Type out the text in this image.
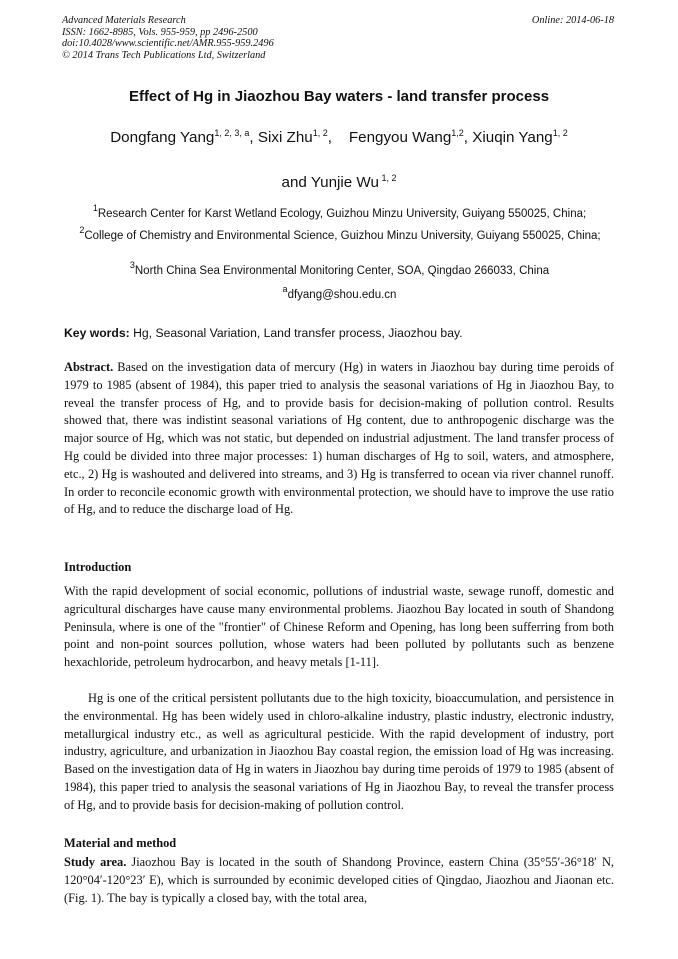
Advanced Materials Research
ISSN: 1662-8985, Vols. 955-959, pp 2496-2500
doi:10.4028/www.scientific.net/AMR.955-959.2496
© 2014 Trans Tech Publications Ltd, Switzerland
Online: 2014-06-18
Effect of Hg in Jiaozhou Bay waters - land transfer process
Dongfang Yang$^{1, 2, 3, a}$, Sixi Zhu$^{1, 2}$,    Fengyou Wang$^{1,2}$, Xiuqin Yang$^{1, 2}$
and Yunjie Wu $^{1, 2}$
$^1$Research Center for Karst Wetland Ecology, Guizhou Minzu University, Guiyang 550025, China;
$^2$College of Chemistry and Environmental Science, Guizhou Minzu University, Guiyang 550025, China;
$^3$North China Sea Environmental Monitoring Center, SOA, Qingdao 266033, China
$^a$dfyang@shou.edu.cn
Key words: Hg, Seasonal Variation, Land transfer process, Jiaozhou bay.
Abstract. Based on the investigation data of mercury (Hg) in waters in Jiaozhou bay during time peroids of 1979 to 1985 (absent of 1984), this paper tried to analysis the seasonal variations of Hg in Jiaozhou Bay, to reveal the transfer process of Hg, and to provide basis for decision-making of pollution control. Results showed that, there was indistint seasonal variations of Hg content, due to anthropogenic discharge was the major source of Hg, which was not static, but depended on industrial adjustment. The land transfer process of Hg could be divided into three major processes: 1) human discharges of Hg to soil, waters, and atmosphere, etc., 2) Hg is washouted and delivered into streams, and 3) Hg is transferred to ocean via river channel runoff. In order to reconcile economic growth with environmental protection, we should have to improve the use ratio of Hg, and to reduce the discharge load of Hg.
Introduction
With the rapid development of social economic, pollutions of industrial waste, sewage runoff, domestic and agricultural discharges have cause many environmental problems. Jiaozhou Bay located in south of Shandong Peninsula, where is one of the "frontier" of Chinese Reform and Opening, has long been sufferring from both point and non-point sources pollution, whose waters had been polluted by pollutants such as benzene hexachloride, petroleum hydrocarbon, and heavy metals [1-11].
Hg is one of the critical persistent pollutants due to the high toxicity, bioaccumulation, and persistence in the environmental. Hg has been widely used in chloro-alkaline industry, plastic industry, electronic industry, metallurgical industry etc., as well as agricultural pesticide. With the rapid development of industry, port industry, agriculture, and urbanization in Jiaozhou Bay coastal region, the emission load of Hg was increasing. Based on the investigation data of Hg in waters in Jiaozhou bay during time peroids of 1979 to 1985 (absent of 1984), this paper tried to analysis the seasonal variations of Hg in Jiaozhou Bay, to reveal the transfer process of Hg, and to provide basis for decision-making of pollution control.
Material and method
Study area. Jiaozhou Bay is located in the south of Shandong Province, eastern China (35°55′-36°18′ N, 120°04′-120°23′ E), which is surrounded by econimic developed cities of Qingdao, Jiaozhou and Jiaonan etc. (Fig. 1). The bay is typically a closed bay, with the total area,
